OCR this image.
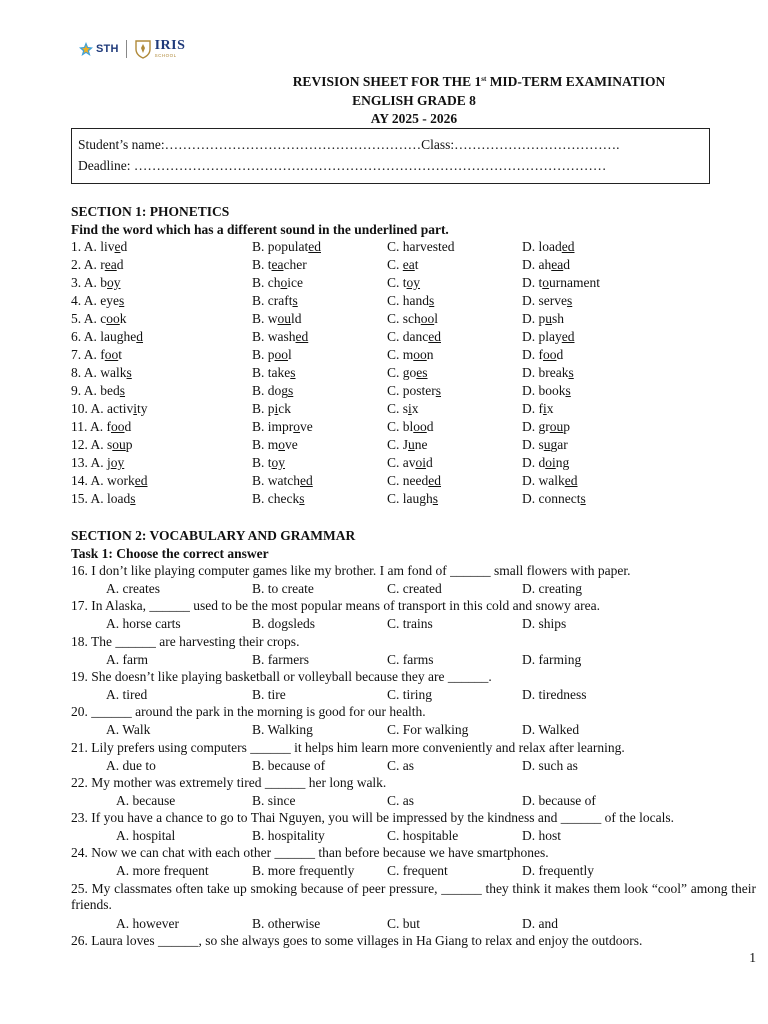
STH	IRIS
SCHOOL
REVISION SHEET FOR THE 1st MID-TERM EXAMINATION
ENGLISH GRADE 8
AY 2025 - 2026
Student’s name:…………………………………………………Class:……………………………….
Deadline: ……………………………………………………………………………………………
SECTION 1: PHONETICS
Find the word which has a different sound in the underlined part.
1. A. lived	B. populated	C. harvested	D. loaded
2. A. read	B. teacher	C. eat	D. ahead
3. A. boy	B. choice	C. toy	D. tournament
4. A. eyes	B. crafts	C. hands	D. serves
5. A. cook	B. would	C. school	D. push
6. A. laughed	B. washed	C. danced	D. played
7. A. foot	B. pool	C. moon	D. food
8. A. walks	B. takes	C. goes	D. breaks
9. A. beds	B. dogs	C. posters	D. books
10. A. activity	B. pick	C. six	D. fix
11. A. food	B. improve	C. blood	D. group
12. A. soup	B. move	C. June	D. sugar
13. A. joy	B. toy	C. avoid	D. doing
14. A. worked	B. watched	C. needed	D. walked
15. A. loads	B. checks	C. laughs	D. connects
SECTION 2: VOCABULARY AND GRAMMAR
Task 1: Choose the correct answer
16. I don’t like playing computer games like my brother. I am fond of ______ small flowers with paper.
A. creates	B. to create	C. created	D. creating
17. In Alaska, ______ used to be the most popular means of transport in this cold and snowy area.
A. horse carts	B. dogsleds	C. trains	D. ships
18. The ______ are harvesting their crops.
A. farm	B. farmers	C. farms	D. farming
19. She doesn’t like playing basketball or volleyball because they are ______.
A. tired	B. tire	C. tiring	D. tiredness
20. ______ around the park in the morning is good for our health.
A. Walk	B. Walking	C. For walking	D. Walked
21. Lily prefers using computers ______ it helps him learn more conveniently and relax after learning.
A. due to	B. because of	C. as	D. such as
22. My mother was extremely tired ______ her long walk.
A. because	B. since	C. as	D. because of
23. If you have a chance to go to Thai Nguyen, you will be impressed by the kindness and ______ of the locals.
A. hospital	B. hospitality	C. hospitable	D. host
24. Now we can chat with each other ______ than before because we have smartphones.
A. more frequent	B. more frequently C. frequent	D. frequently
25. My classmates often take up smoking because of peer pressure, ______ they think it makes them look “cool” among their friends.
A. however	B. otherwise	C. but	D. and
26. Laura loves ______, so she always goes to some villages in Ha Giang to relax and enjoy the outdoors.
1
